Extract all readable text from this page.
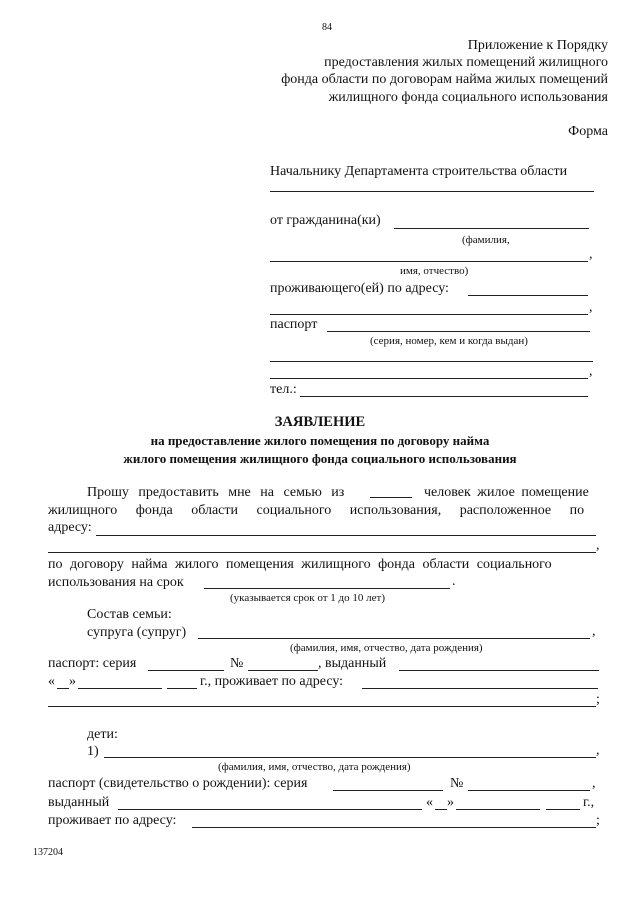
84
Приложение к Порядку
предоставления жилых помещений жилищного
фонда области по договорам найма жилых помещений
жилищного фонда социального использования
Форма
Начальнику Департамента строительства области
от гражданина(ки)
(фамилия,
,
имя, отчество)
проживающего(ей) по адресу:
,
паспорт
(серия, номер, кем и когда выдан)
,
тел.:
ЗАЯВЛЕНИЕ
на предоставление жилого помещения по договору найма
жилого помещения жилищного фонда социального использования
Прошу предоставить мне на семью из	человек жилое помещение
жилищного фонда области социального использования, расположенное по
адресу:
,
по договору найма жилого помещения жилищного фонда области социального
использования на срок	.
(указывается срок от 1 до 10 лет)
Состав семьи:
супруга (супруг)	,
(фамилия, имя, отчество, дата рождения)
паспорт: серия	№	, выданный
« »	г., проживает по адресу:
;
дети:
1)	,
(фамилия, имя, отчество, дата рождения)
паспорт (свидетельство о рождении): серия	№	,
выданный	« »	г.,
проживает по адресу:	;
137204
